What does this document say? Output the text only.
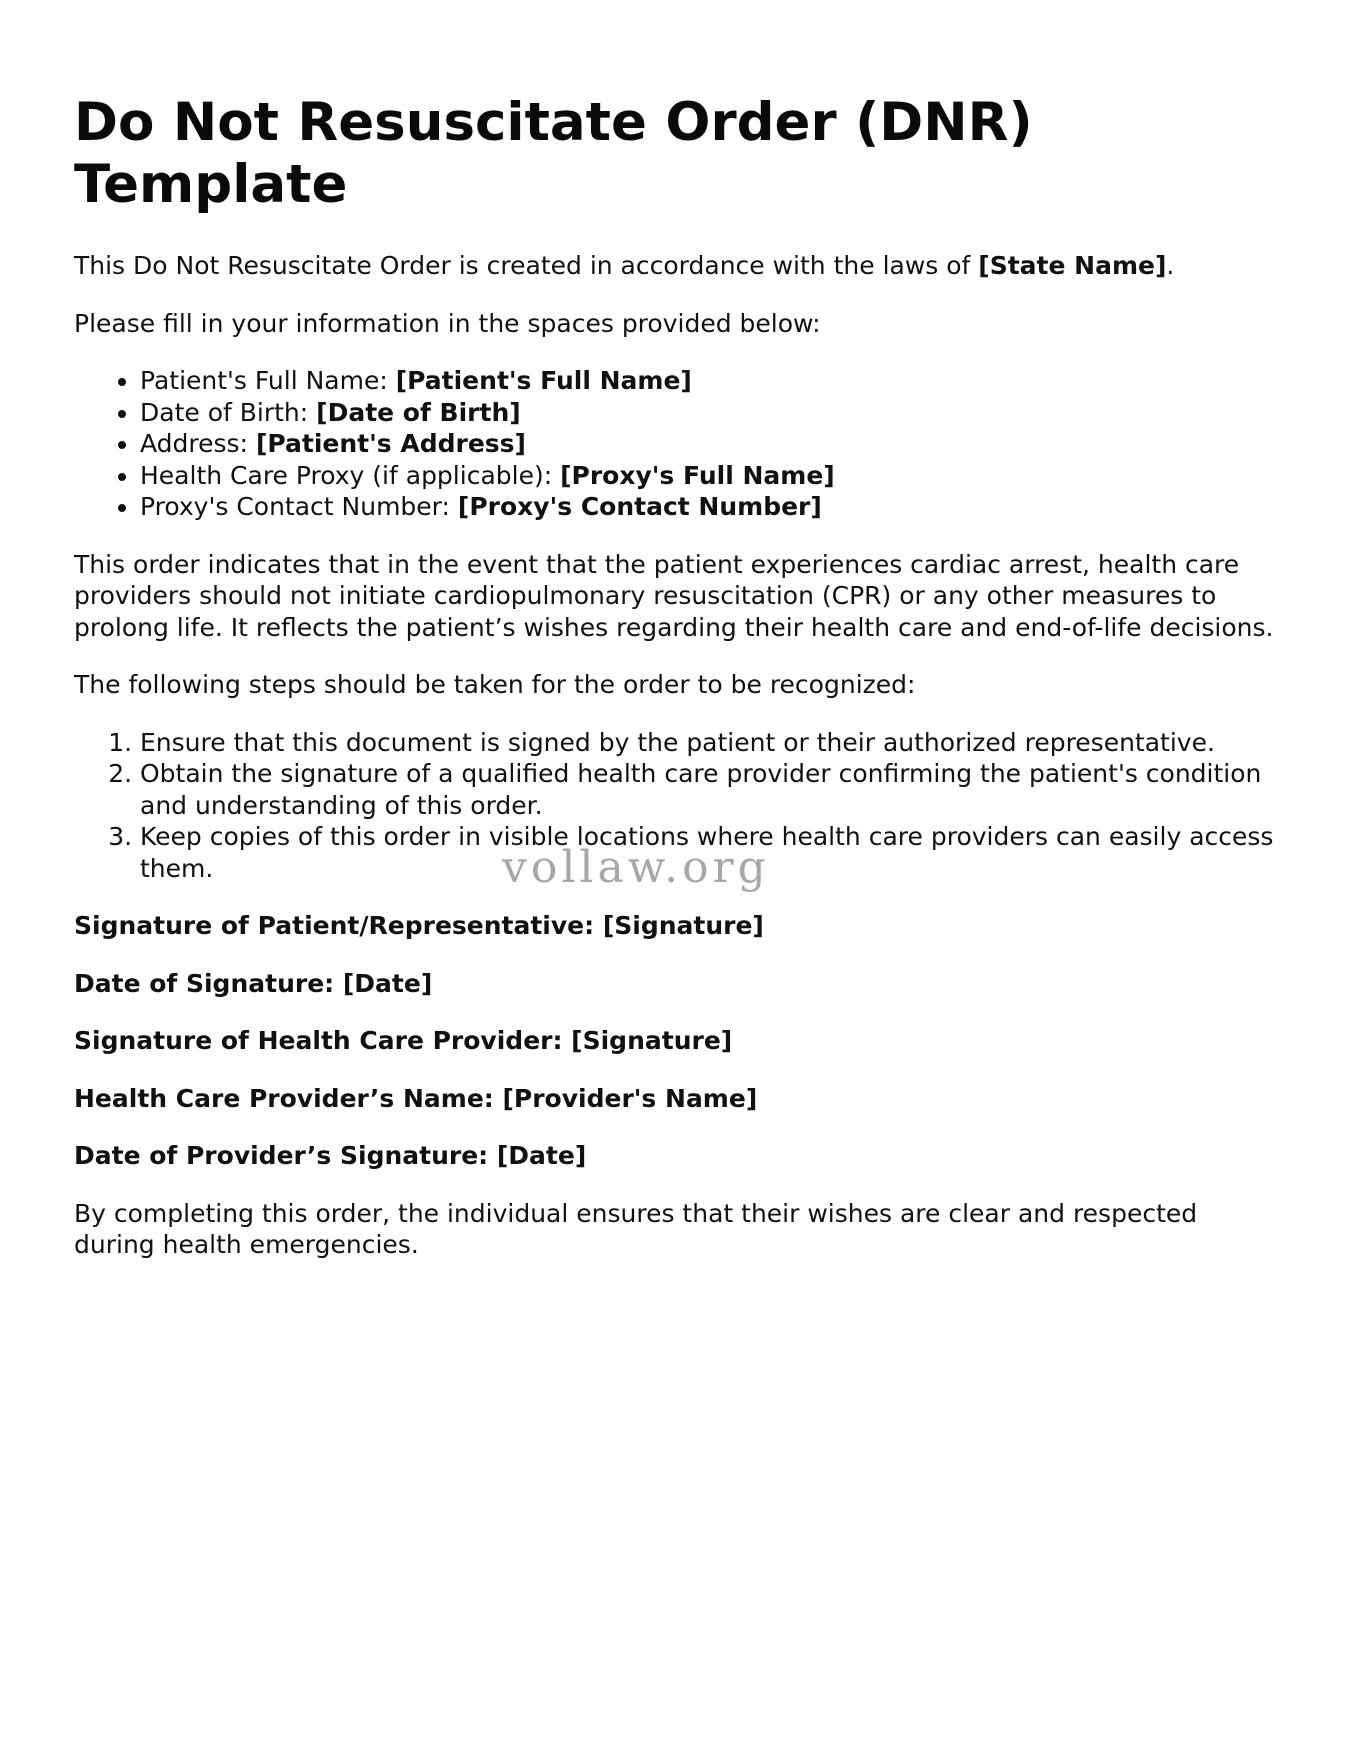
Do Not Resuscitate Order (DNR) Template

This Do Not Resuscitate Order is created in accordance with the laws of [State Name].

Please fill in your information in the spaces provided below:

• Patient's Full Name: [Patient's Full Name]
• Date of Birth: [Date of Birth]
• Address: [Patient's Address]
• Health Care Proxy (if applicable): [Proxy's Full Name]
• Proxy's Contact Number: [Proxy's Contact Number]

This order indicates that in the event that the patient experiences cardiac arrest, health care providers should not initiate cardiopulmonary resuscitation (CPR) or any other measures to prolong life. It reflects the patient’s wishes regarding their health care and end-of-life decisions.

The following steps should be taken for the order to be recognized:

1. Ensure that this document is signed by the patient or their authorized representative.
2. Obtain the signature of a qualified health care provider confirming the patient's condition and understanding of this order.
3. Keep copies of this order in visible locations where health care providers can easily access them.

Signature of Patient/Representative: [Signature]

Date of Signature: [Date]

Signature of Health Care Provider: [Signature]

Health Care Provider’s Name: [Provider's Name]

Date of Provider’s Signature: [Date]

By completing this order, the individual ensures that their wishes are clear and respected during health emergencies.

vollaw.org
